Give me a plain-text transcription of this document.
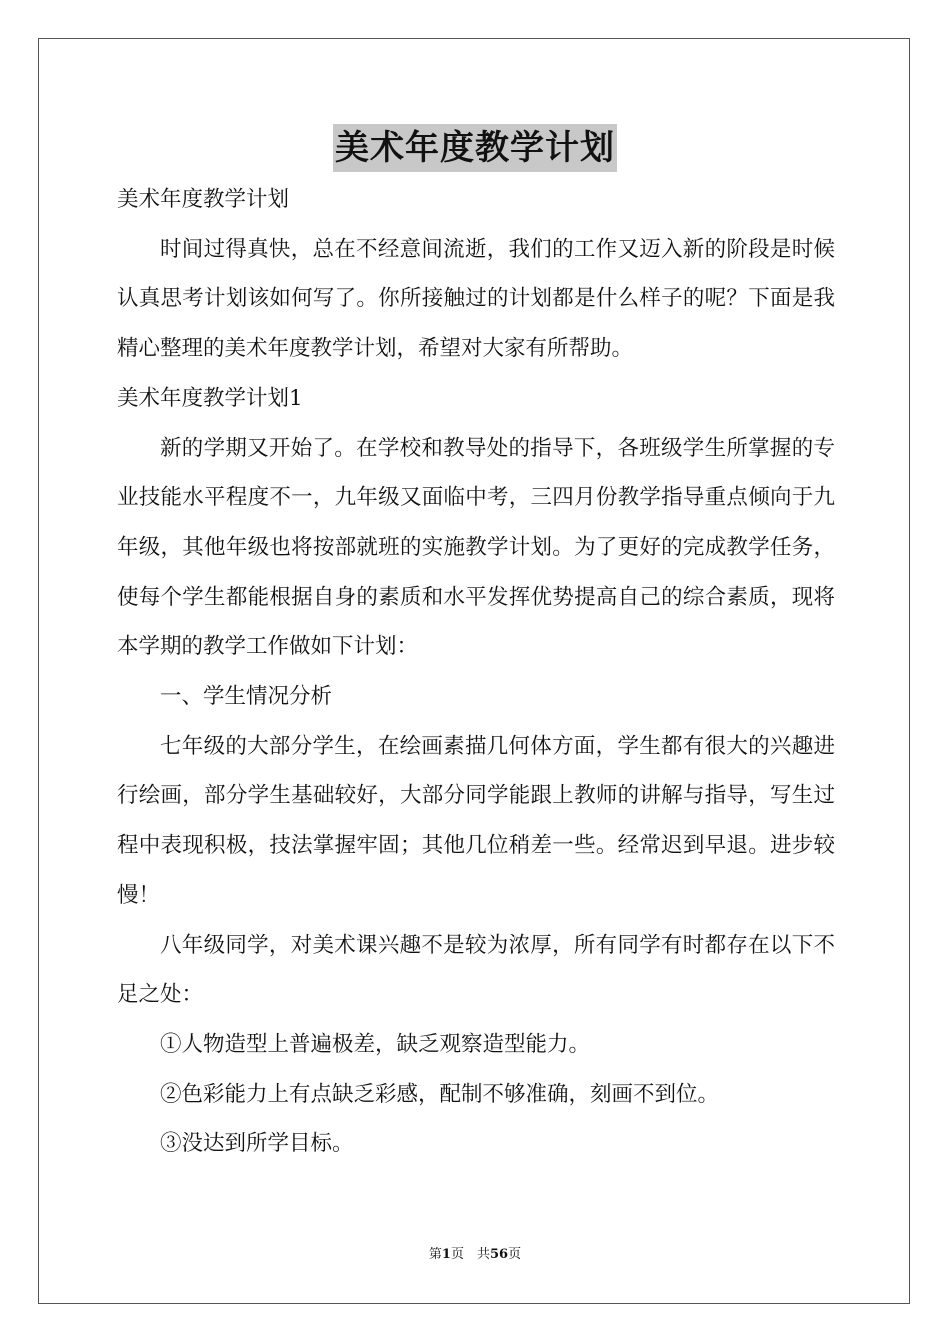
美术年度教学计划

美术年度教学计划

时间过得真快，总在不经意间流逝，我们的工作又迈入新的阶段是时候认真思考计划该如何写了。你所接触过的计划都是什么样子的呢？下面是我精心整理的美术年度教学计划，希望对大家有所帮助。

美术年度教学计划1

新的学期又开始了。在学校和教导处的指导下，各班级学生所掌握的专业技能水平程度不一，九年级又面临中考，三四月份教学指导重点倾向于九年级，其他年级也将按部就班的实施教学计划。为了更好的完成教学任务，使每个学生都能根据自身的素质和水平发挥优势提高自己的综合素质，现将本学期的教学工作做如下计划：

一、学生情况分析

七年级的大部分学生，在绘画素描几何体方面，学生都有很大的兴趣进行绘画，部分学生基础较好，大部分同学能跟上教师的讲解与指导，写生过程中表现积极，技法掌握牢固；其他几位稍差一些。经常迟到早退。进步较慢！

八年级同学，对美术课兴趣不是较为浓厚，所有同学有时都存在以下不足之处：

①人物造型上普遍极差，缺乏观察造型能力。

②色彩能力上有点缺乏彩感，配制不够准确，刻画不到位。

③没达到所学目标。

第1页　共56页
